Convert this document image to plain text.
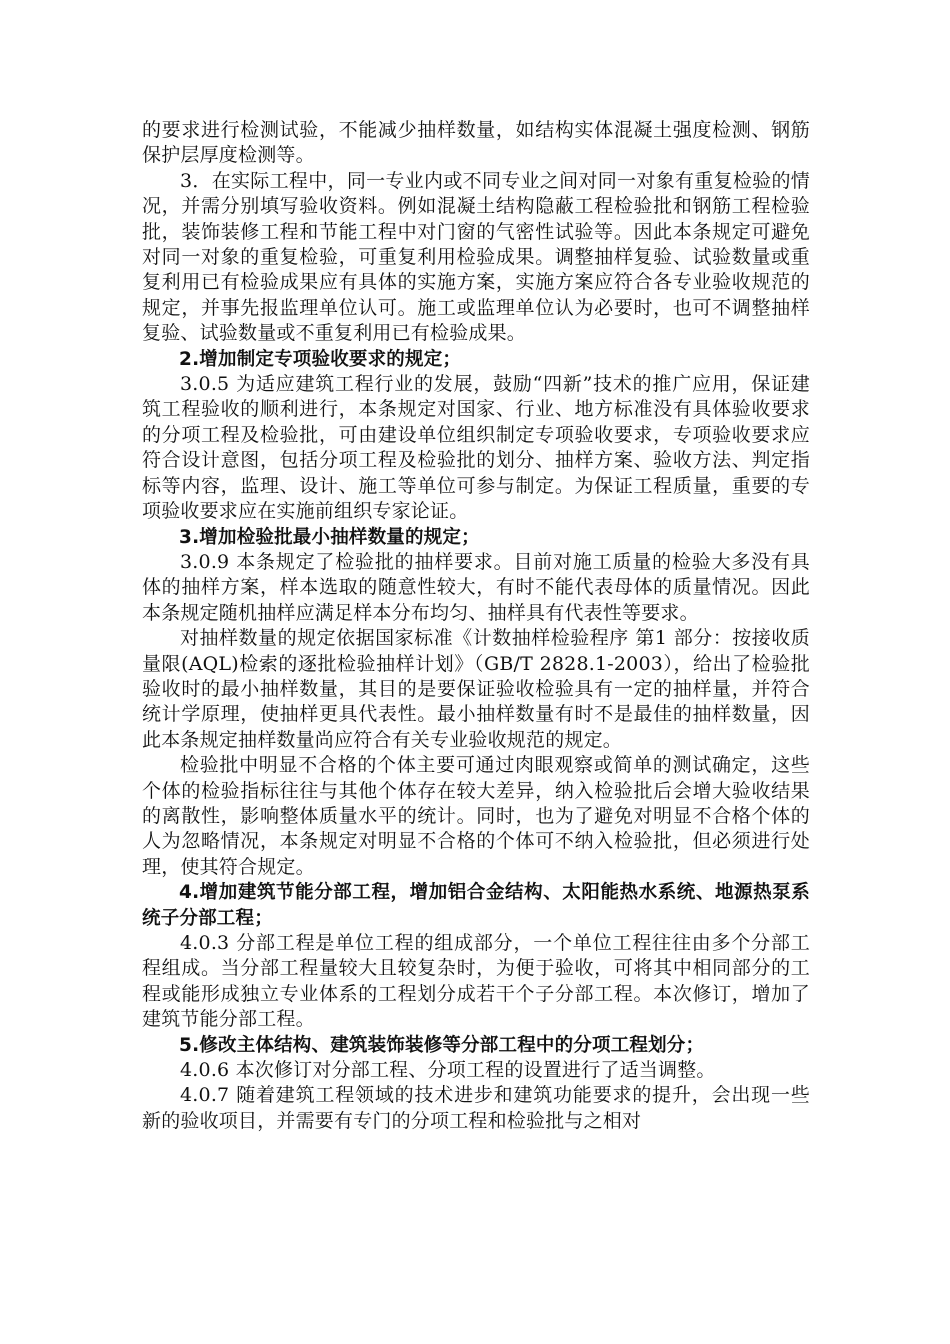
的要求进行检测试验，不能减少抽样数量，如结构实体混凝土强度检测、钢筋保护层厚度检测等。

3．在实际工程中，同一专业内或不同专业之间对同一对象有重复检验的情况，并需分别填写验收资料。例如混凝土结构隐蔽工程检验批和钢筋工程检验批，装饰装修工程和节能工程中对门窗的气密性试验等。因此本条规定可避免对同一对象的重复检验，可重复利用检验成果。调整抽样复验、试验数量或重复利用已有检验成果应有具体的实施方案，实施方案应符合各专业验收规范的规定，并事先报监理单位认可。施工或监理单位认为必要时，也可不调整抽样复验、试验数量或不重复利用已有检验成果。

2.增加制定专项验收要求的规定；

3.0.5 为适应建筑工程行业的发展，鼓励“四新”技术的推广应用，保证建筑工程验收的顺利进行，本条规定对国家、行业、地方标准没有具体验收要求的分项工程及检验批，可由建设单位组织制定专项验收要求，专项验收要求应符合设计意图，包括分项工程及检验批的划分、抽样方案、验收方法、判定指标等内容，监理、设计、施工等单位可参与制定。为保证工程质量，重要的专项验收要求应在实施前组织专家论证。

3.增加检验批最小抽样数量的规定；

3.0.9 本条规定了检验批的抽样要求。目前对施工质量的检验大多没有具体的抽样方案，样本选取的随意性较大，有时不能代表母体的质量情况。因此本条规定随机抽样应满足样本分布均匀、抽样具有代表性等要求。

对抽样数量的规定依据国家标准《计数抽样检验程序 第1 部分：按接收质量限(AQL)检索的逐批检验抽样计划》（GB/T 2828.1-2003），给出了检验批验收时的最小抽样数量，其目的是要保证验收检验具有一定的抽样量，并符合统计学原理，使抽样更具代表性。最小抽样数量有时不是最佳的抽样数量，因此本条规定抽样数量尚应符合有关专业验收规范的规定。

检验批中明显不合格的个体主要可通过肉眼观察或简单的测试确定，这些个体的检验指标往往与其他个体存在较大差异，纳入检验批后会增大验收结果的离散性，影响整体质量水平的统计。同时，也为了避免对明显不合格个体的人为忽略情况，本条规定对明显不合格的个体可不纳入检验批，但必须进行处理，使其符合规定。

4.增加建筑节能分部工程，增加铝合金结构、太阳能热水系统、地源热泵系统子分部工程；

4.0.3 分部工程是单位工程的组成部分，一个单位工程往往由多个分部工程组成。当分部工程量较大且较复杂时，为便于验收，可将其中相同部分的工程或能形成独立专业体系的工程划分成若干个子分部工程。本次修订，增加了建筑节能分部工程。

5.修改主体结构、建筑装饰装修等分部工程中的分项工程划分；

4.0.6 本次修订对分部工程、分项工程的设置进行了适当调整。

4.0.7 随着建筑工程领域的技术进步和建筑功能要求的提升，会出现一些新的验收项目，并需要有专门的分项工程和检验批与之相对
